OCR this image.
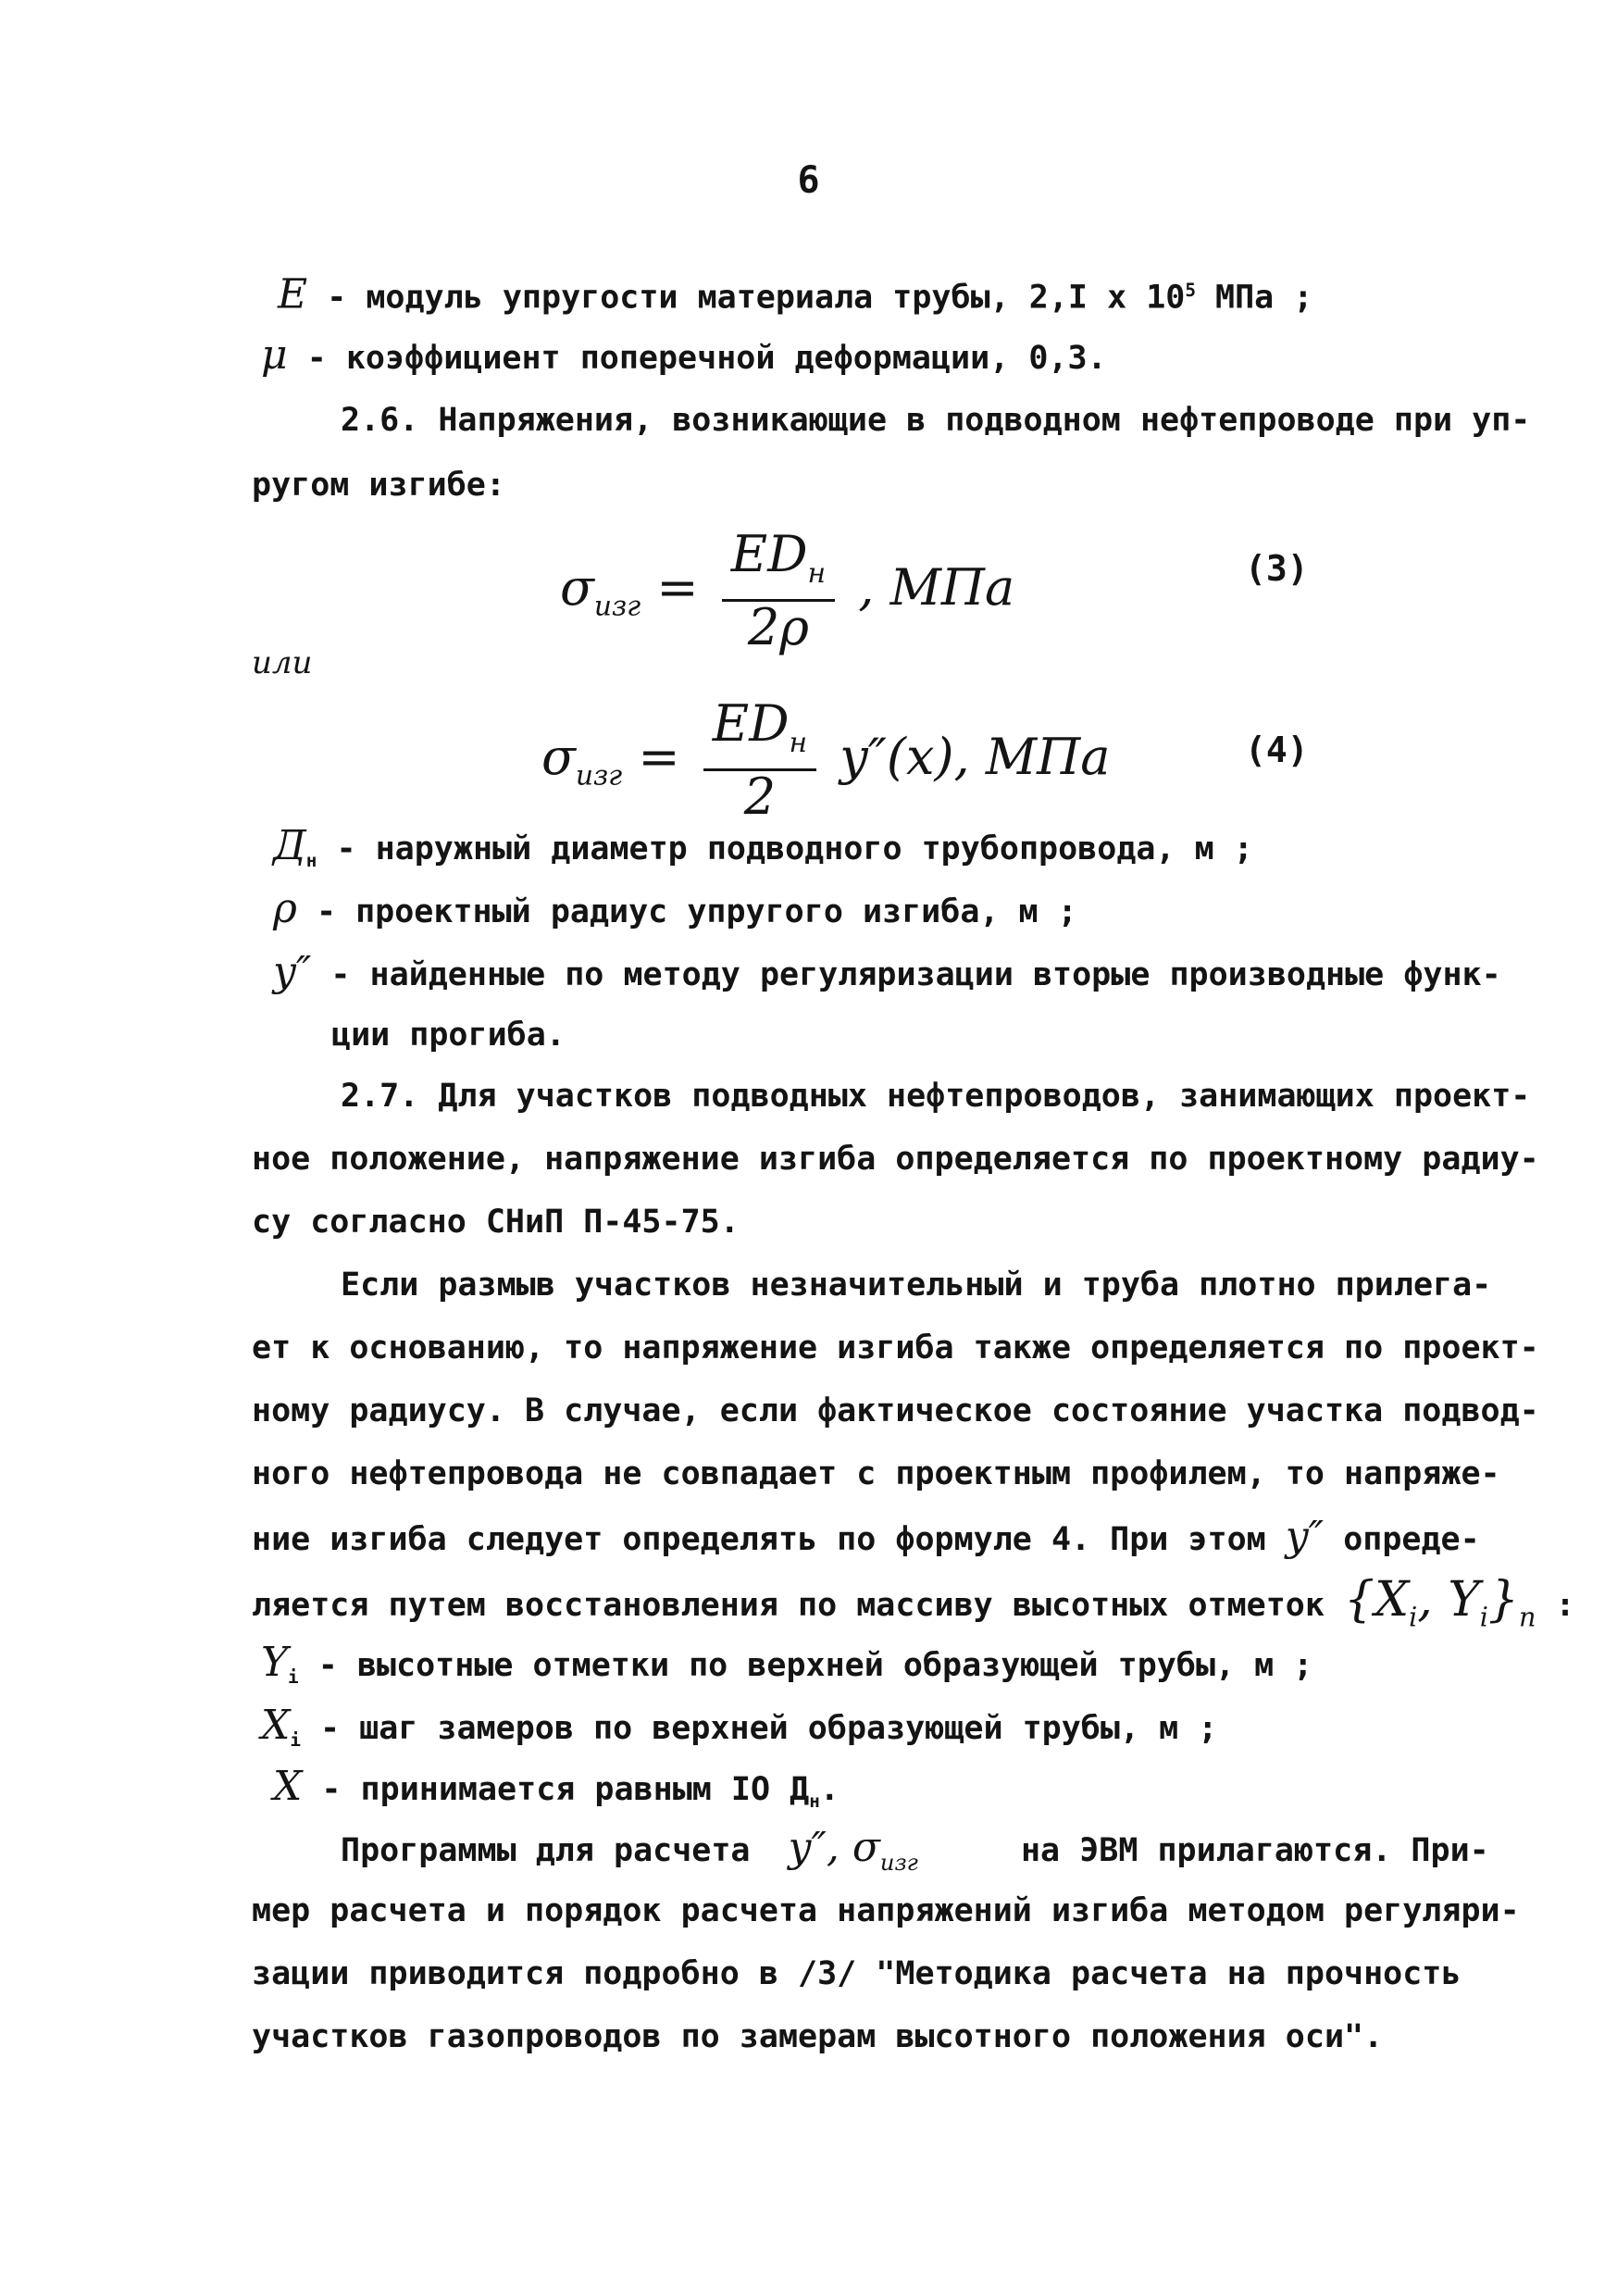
6
E - модуль упругости материала трубы, 2,I x $10^5$ МПа ;
μ - коэффициент поперечной деформации, 0,3.
2.6. Напряжения, возникающие в подводном нефтепроводе при уп-
ругом изгибе:
$\sigma_{изг} = \frac{ED_н}{2\rho}$ , МПа	(3)
или
$\sigma_{изг} = \frac{ED_н}{2} y''(x)$, МПа	(4)
$Д_н$ - наружный диаметр подводного трубопровода, м ;
ρ - проектный радиус упругого изгиба, м ;
y″ - найденные по методу регуляризации вторые производные функ-
ции прогиба.
2.7. Для участков подводных нефтепроводов, занимающих проект-
ное положение, напряжение изгиба определяется по проектному радиу-
су согласно СНиП П-45-75.
Если размыв участков незначительный и труба плотно прилега-
ет к основанию, то напряжение изгиба также определяется по проект-
ному радиусу. В случае, если фактическое состояние участка подвод-
ного нефтепровода не совпадает с проектным профилем, то напряже-
ние изгиба следует определять по формуле 4. При этом y″ опреде-
ляется путем восстановления по массиву высотных отметок {$X_i$, $Y_i\}_n$ :
$Y_i$ - высотные отметки по верхней образующей трубы, м ;
$X_i$ - шаг замеров по верхней образующей трубы, м ;
X - принимается равным IO $Д_н$.
Программы для расчета y″, $\sigma_{изг}$	на ЭВМ прилагаются. При-
мер расчета и порядок расчета напряжений изгиба методом регуляри-
зации приводится подробно в /3/ "Методика расчета на прочность
участков газопроводов по замерам высотного положения оси".
